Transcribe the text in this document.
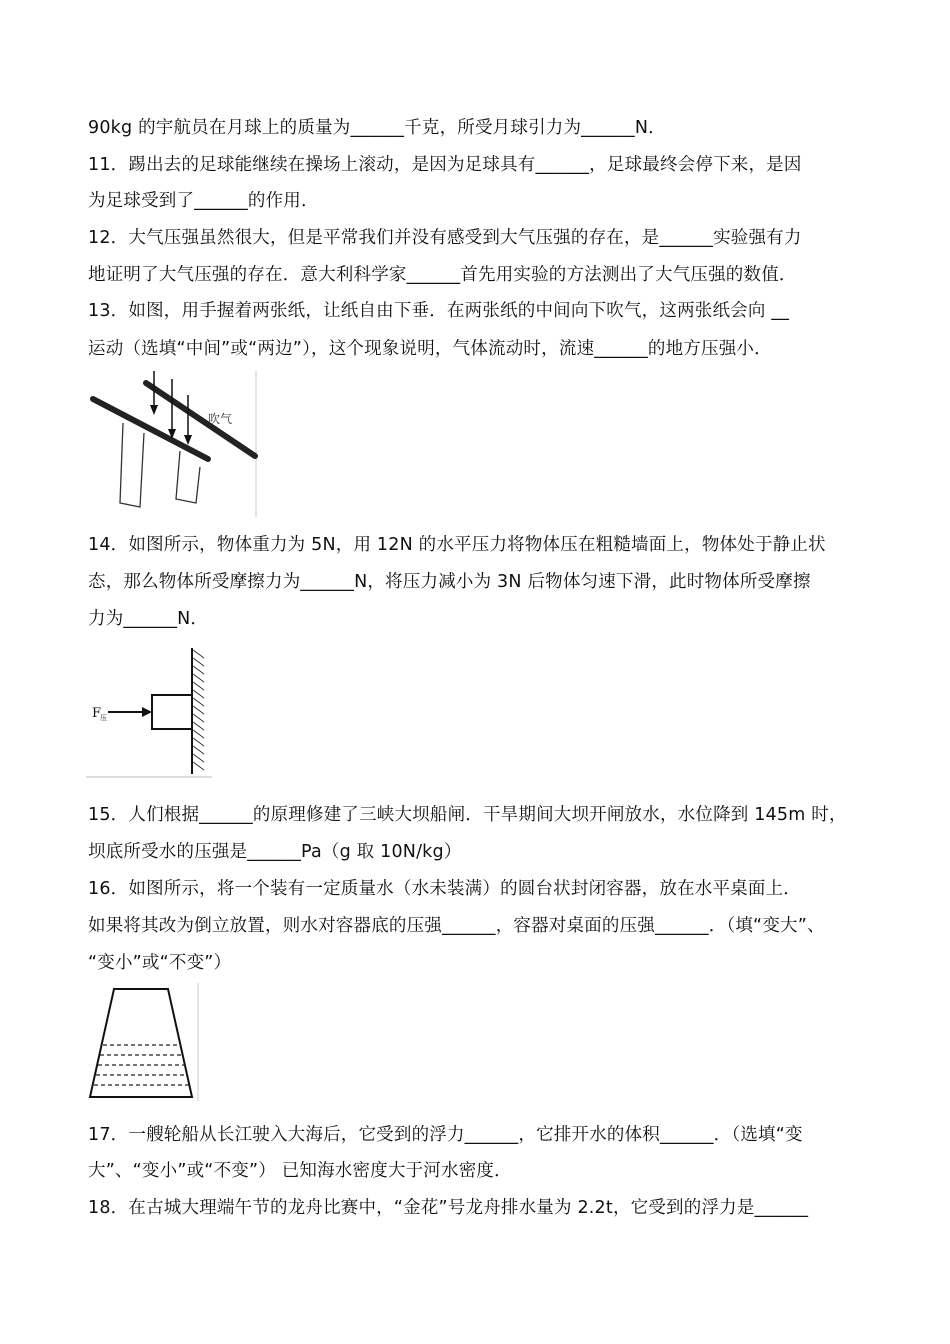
90kg 的宇航员在月球上的质量为______千克，所受月球引力为______N．
11．踢出去的足球能继续在操场上滚动，是因为足球具有______，足球最终会停下来，是因
为足球受到了______的作用．
12．大气压强虽然很大，但是平常我们并没有感受到大气压强的存在，是______实验强有力
地证明了大气压强的存在．意大利科学家______首先用实验的方法测出了大气压强的数值．
13．如图，用手握着两张纸，让纸自由下垂．在两张纸的中间向下吹气，这两张纸会向 __
运动（选填“中间”或“两边”），这个现象说明，气体流动时，流速______的地方压强小．
吹气
14．如图所示，物体重力为 5N，用 12N 的水平压力将物体压在粗糙墙面上，物体处于静止状
态，那么物体所受摩擦力为______N，将压力减小为 3N 后物体匀速下滑，此时物体所受摩擦
力为______N．
F
压
15．人们根据______的原理修建了三峡大坝船闸．干旱期间大坝开闸放水，水位降到 145m 时，
坝底所受水的压强是______Pa（g 取 10N/kg）
16．如图所示，将一个装有一定质量水（水未装满）的圆台状封闭容器，放在水平桌面上．
如果将其改为倒立放置，则水对容器底的压强______，容器对桌面的压强______．（填“变大”、
“变小”或“不变”）
17．一艘轮船从长江驶入大海后，它受到的浮力______，它排开水的体积______．（选填“变
大”、“变小”或“不变”） 已知海水密度大于河水密度．
18．在古城大理端午节的龙舟比赛中，“金花”号龙舟排水量为 2.2t，它受到的浮力是______
